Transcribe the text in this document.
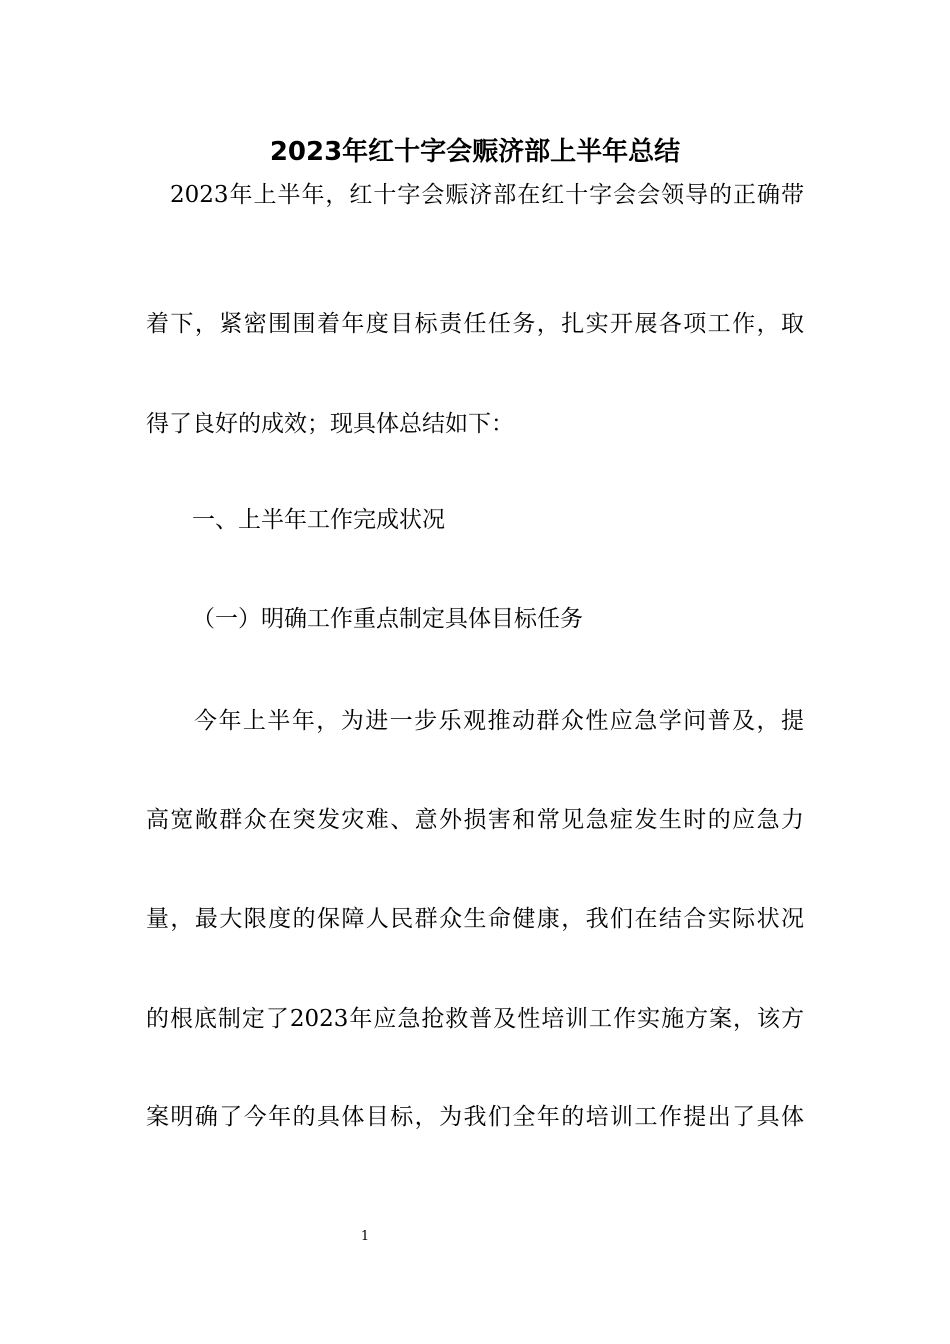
2023年红十字会赈济部上半年总结
2023年上半年，红十字会赈济部在红十字会会领导的正确带
着下，紧密围围着年度目标责任任务，扎实开展各项工作，取
得了良好的成效；现具体总结如下：
一、上半年工作完成状况
（一）明确工作重点制定具体目标任务
今年上半年，为进一步乐观推动群众性应急学问普及，提
高宽敞群众在突发灾难、意外损害和常见急症发生时的应急力
量，最大限度的保障人民群众生命健康，我们在结合实际状况
的根底制定了2023年应急抢救普及性培训工作实施方案，该方
案明确了今年的具体目标，为我们全年的培训工作提出了具体
1
